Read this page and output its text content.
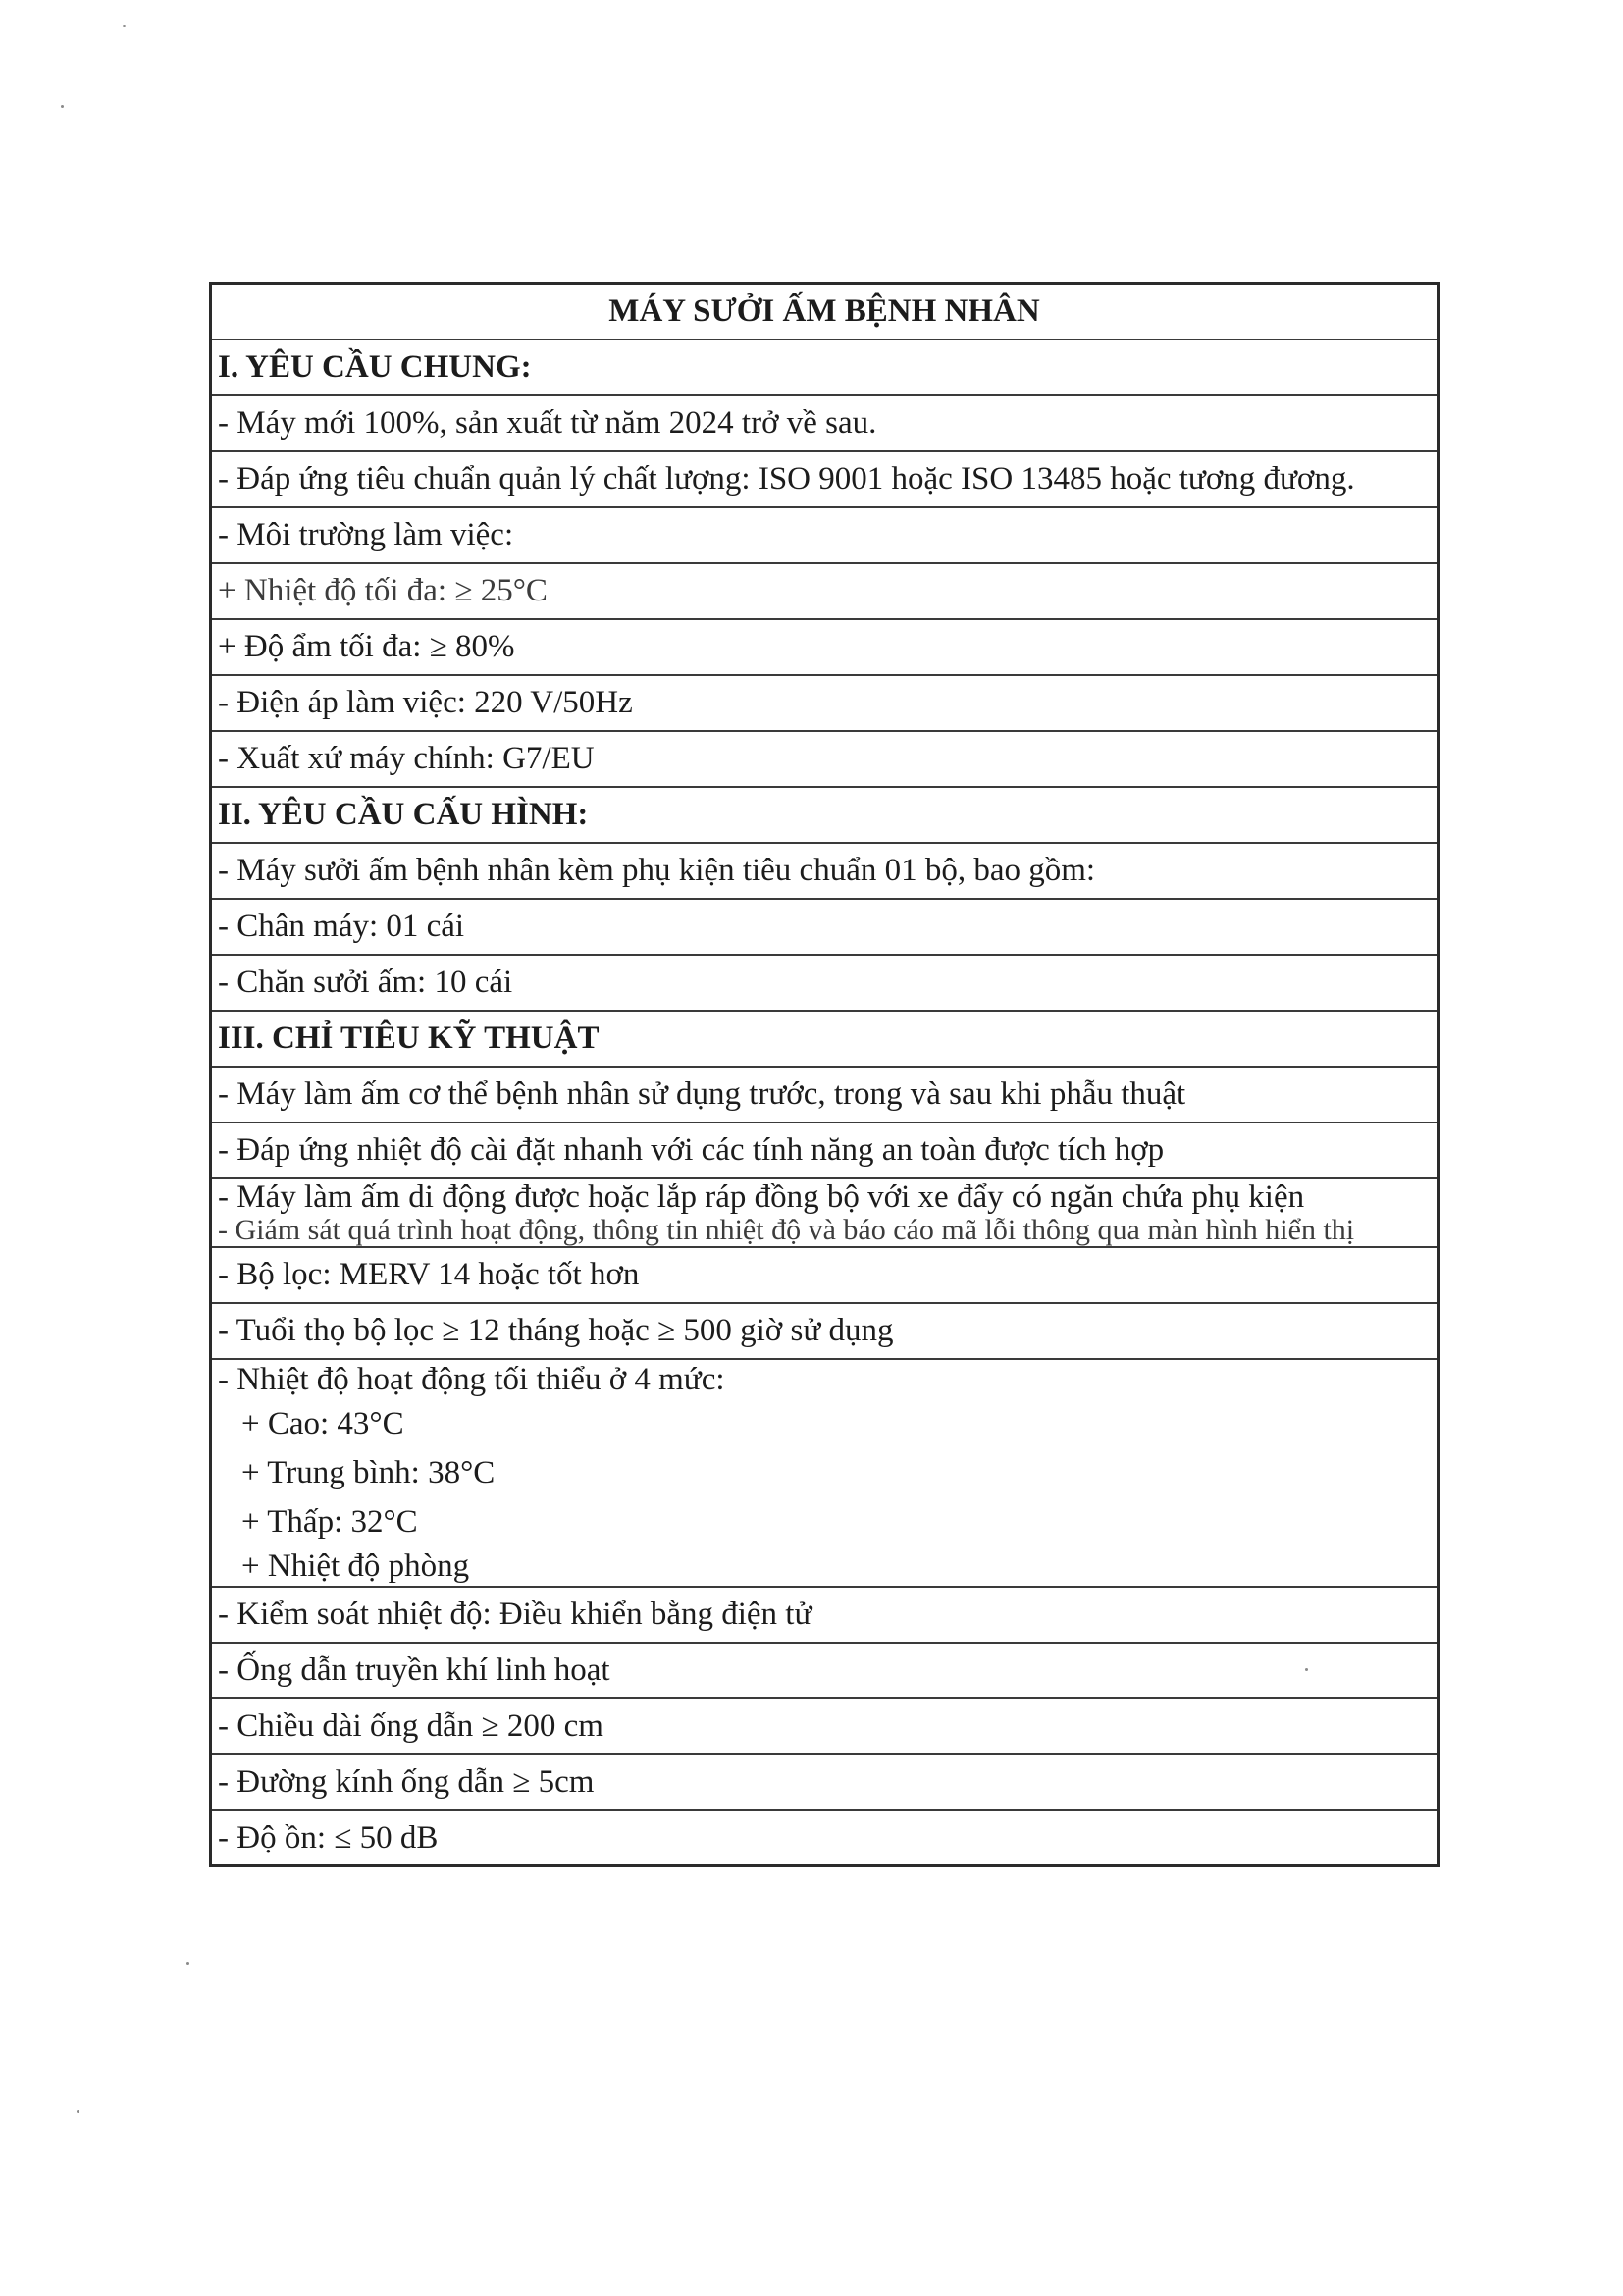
MÁY SƯỞI ẤM BỆNH NHÂN
I. YÊU CẦU CHUNG:
- Máy mới 100%, sản xuất từ năm 2024 trở về sau.
- Đáp ứng tiêu chuẩn quản lý chất lượng: ISO 9001 hoặc ISO 13485 hoặc tương đương.
- Môi trường làm việc:
+ Nhiệt độ tối đa: ≥ 25°C
+ Độ ẩm tối đa: ≥ 80%
- Điện áp làm việc: 220 V/50Hz
- Xuất xứ máy chính: G7/EU
II. YÊU CẦU CẤU HÌNH:
- Máy sưởi ấm bệnh nhân kèm phụ kiện tiêu chuẩn 01 bộ, bao gồm:
- Chân máy: 01 cái
- Chăn sưởi ấm: 10 cái
III. CHỈ TIÊU KỸ THUẬT
- Máy làm ấm cơ thể bệnh nhân sử dụng trước, trong và sau khi phẫu thuật
- Đáp ứng nhiệt độ cài đặt nhanh với các tính năng an toàn được tích hợp

- Máy làm ấm di động được hoặc lắp ráp đồng bộ với xe đẩy có ngăn chứa phụ kiện
- Giám sát quá trình hoạt động, thông tin nhiệt độ và báo cáo mã lỗi thông qua màn hình hiển thị

- Bộ lọc: MERV 14 hoặc tốt hơn
- Tuổi thọ bộ lọc ≥ 12 tháng hoặc ≥ 500 giờ sử dụng

- Nhiệt độ hoạt động tối thiểu ở 4 mức:
+ Cao: 43°C
+ Trung bình: 38°C
+ Thấp: 32°C
+ Nhiệt độ phòng

- Kiểm soát nhiệt độ: Điều khiển bằng điện tử
- Ống dẫn truyền khí linh hoạt
- Chiều dài ống dẫn ≥ 200 cm
- Đường kính ống dẫn ≥ 5cm
- Độ ồn: ≤ 50 dB
